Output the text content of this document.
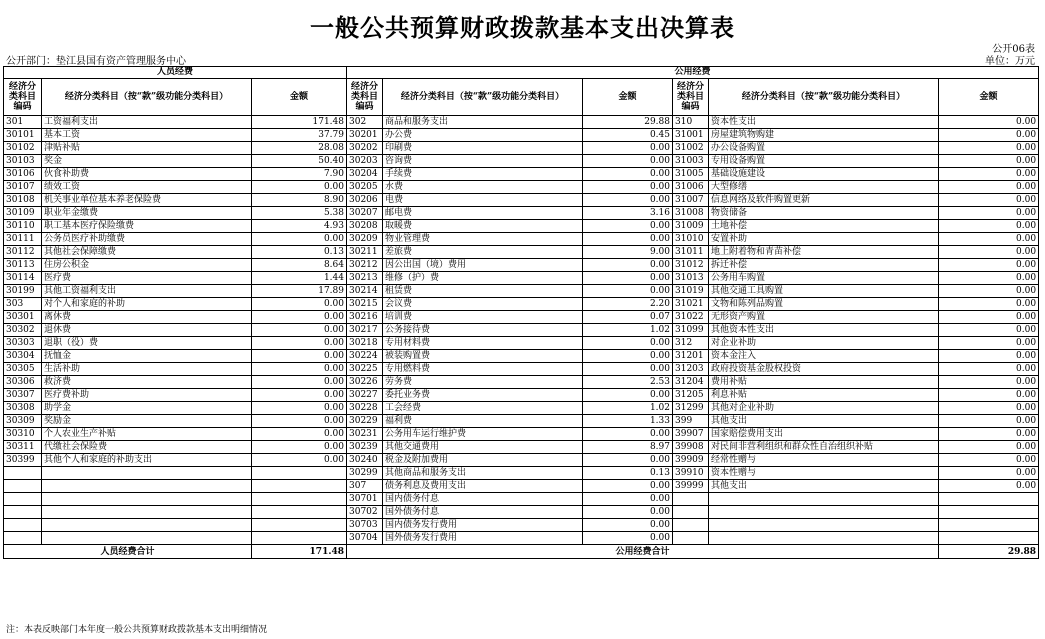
一般公共预算财政拨款基本支出决算表
公开06表
公开部门：垫江县国有资产管理服务中心	单位：万元
人员经费			公用经费					
经济分类科目编码	经济分类科目（按“款”级功能分类科目）	金额	经济分类科目编码	经济分类科目（按“款”级功能分类科目）	金额	经济分类科目编码	经济分类科目（按“款”级功能分类科目）	金额
301	工资福利支出	171.48	302	商品和服务支出	29.88	310	资本性支出	0.00
30101	基本工资	37.79	30201	办公费	0.45	31001	房屋建筑物购建	0.00
30102	津贴补贴	28.08	30202	印刷费	0.00	31002	办公设备购置	0.00
30103	奖金	50.40	30203	咨询费	0.00	31003	专用设备购置	0.00
30106	伙食补助费	7.90	30204	手续费	0.00	31005	基础设施建设	0.00
30107	绩效工资	0.00	30205	水费	0.00	31006	大型修缮	0.00
30108	机关事业单位基本养老保险费	8.90	30206	电费	0.00	31007	信息网络及软件购置更新	0.00
30109	职业年金缴费	5.38	30207	邮电费	3.16	31008	物资储备	0.00
30110	职工基本医疗保险缴费	4.93	30208	取暖费	0.00	31009	土地补偿	0.00
30111	公务员医疗补助缴费	0.00	30209	物业管理费	0.00	31010	安置补助	0.00
30112	其他社会保障缴费	0.13	30211	差旅费	9.00	31011	地上附着物和青苗补偿	0.00
30113	住房公积金	8.64	30212	因公出国（境）费用	0.00	31012	拆迁补偿	0.00
30114	医疗费	1.44	30213	维修（护）费	0.00	31013	公务用车购置	0.00
30199	其他工资福利支出	17.89	30214	租赁费	0.00	31019	其他交通工具购置	0.00
303	对个人和家庭的补助	0.00	30215	会议费	2.20	31021	文物和陈列品购置	0.00
30301	离休费	0.00	30216	培训费	0.07	31022	无形资产购置	0.00
30302	退休费	0.00	30217	公务接待费	1.02	31099	其他资本性支出	0.00
30303	退职（役）费	0.00	30218	专用材料费	0.00	312	对企业补助	0.00
30304	抚恤金	0.00	30224	被装购置费	0.00	31201	资本金注入	0.00
30305	生活补助	0.00	30225	专用燃料费	0.00	31203	政府投资基金股权投资	0.00
30306	救济费	0.00	30226	劳务费	2.53	31204	费用补贴	0.00
30307	医疗费补助	0.00	30227	委托业务费	0.00	31205	利息补贴	0.00
30308	助学金	0.00	30228	工会经费	1.02	31299	其他对企业补助	0.00
30309	奖励金	0.00	30229	福利费	1.33	399	其他支出	0.00
30310	个人农业生产补贴	0.00	30231	公务用车运行维护费	0.00	39907	国家赔偿费用支出	0.00
30311	代缴社会保险费	0.00	30239	其他交通费用	8.97	39908	对民间非营利组织和群众性自治组织补贴	0.00
30399	其他个人和家庭的补助支出	0.00	30240	税金及附加费用	0.00	39909	经常性赠与	0.00
			30299	其他商品和服务支出	0.13	39910	资本性赠与	0.00
			307	债务利息及费用支出	0.00	39999	其他支出	0.00
			30701	国内债务付息	0.00			
			30702	国外债务付息	0.00			
			30703	国内债务发行费用	0.00			
			30704	国外债务发行费用	0.00			
人员经费合计		171.48	公用经费合计					29.88
注：本表反映部门本年度一般公共预算财政拨款基本支出明细情况
